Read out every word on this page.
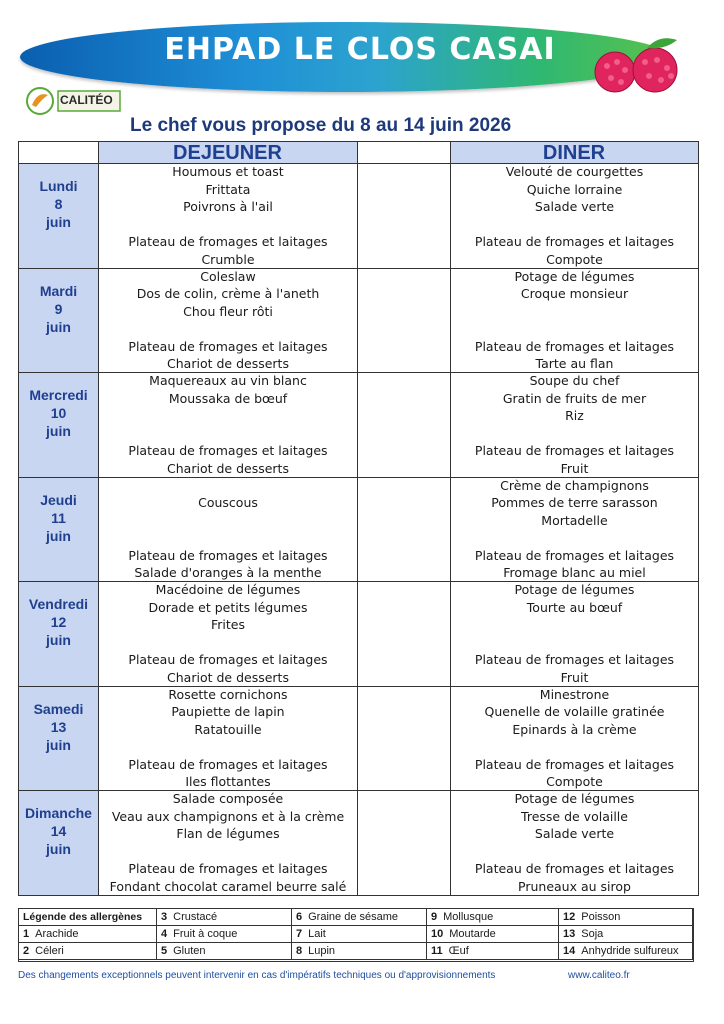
EHPAD LE CLOS CASAI
CALITÉO
Le chef vous propose du 8 au 14 juin 2026
DEJEUNER	DINER
Lundi
8
juin
Houmous et toast
Frittata
Poivrons à l'ail
Plateau de fromages et laitages
Crumble
Velouté de courgettes
Quiche lorraine
Salade verte
Plateau de fromages et laitages
Compote
Mardi
9
juin
Coleslaw
Dos de colin, crème à l'aneth
Chou fleur rôti
Plateau de fromages et laitages
Chariot de desserts
Potage de légumes
Croque monsieur
Plateau de fromages et laitages
Tarte au flan
Mercredi
10
juin
Maquereaux au vin blanc
Moussaka de bœuf
Plateau de fromages et laitages
Chariot de desserts
Soupe du chef
Gratin de fruits de mer
Riz
Plateau de fromages et laitages
Fruit
Jeudi
11
juin
Couscous
Plateau de fromages et laitages
Salade d'oranges à la menthe
Crème de champignons
Pommes de terre sarasson
Mortadelle
Plateau de fromages et laitages
Fromage blanc au miel
Vendredi
12
juin
Macédoine de légumes
Dorade et petits légumes
Frites
Plateau de fromages et laitages
Chariot de desserts
Potage de légumes
Tourte au bœuf
Plateau de fromages et laitages
Fruit
Samedi
13
juin
Rosette cornichons
Paupiette de lapin
Ratatouille
Plateau de fromages et laitages
Iles flottantes
Minestrone
Quenelle de volaille gratinée
Epinards à la crème
Plateau de fromages et laitages
Compote
Dimanche
14
juin
Salade composée
Veau aux champignons et à la crème
Flan de légumes
Plateau de fromages et laitages
Fondant chocolat caramel beurre salé
Potage de légumes
Tresse de volaille
Salade verte
Plateau de fromages et laitages
Pruneaux au sirop
Légende des allergènes
1 Arachide
2 Céleri
3 Crustacé
4 Fruit à coque
5 Gluten
6 Graine de sésame
7 Lait
8 Lupin
9 Mollusque
10 Moutarde
11 Œuf
12 Poisson
13 Soja
14 Anhydride sulfureux
Des changements exceptionnels peuvent intervenir en cas d'impératifs techniques ou d'approvisionnements	www.caliteo.fr
